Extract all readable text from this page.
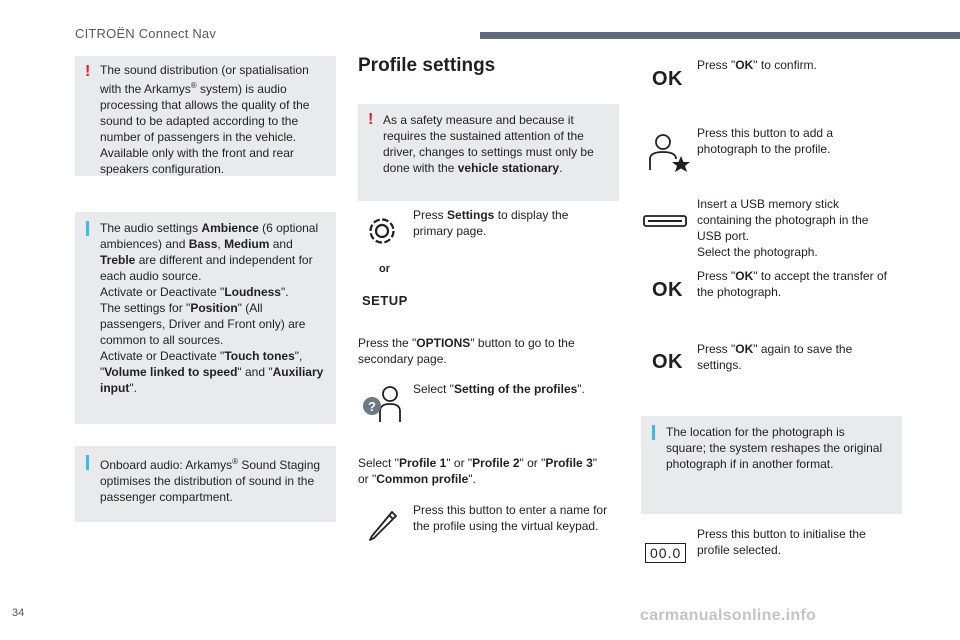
CITROËN Connect Nav
! The sound distribution (or spatialisation

with the Arkamys® system) is audio

processing that allows the quality of the

sound to be adapted according to the

number of passengers in the vehicle.

Available only with the front and rear

speakers configuration.

The audio settings Ambience (6 optional

ambiences) and Bass, Medium and

Treble are different and independent for

each audio source.

Activate or Deactivate "Loudness".

The settings for "Position" (All

passengers, Driver and Front only) are

common to all sources.

Activate or Deactivate "Touch tones",

"Volume linked to speed" and "Auxiliary

input".

Onboard audio: Arkamys® Sound Staging

optimises the distribution of sound in the

passenger compartment.

Profile settings
! As a safety measure and because it

requires the sustained attention of the

driver, changes to settings must only be

done with the vehicle stationary.

Press Settings to display the

primary page.

or
SETUP

Press the "OPTIONS" button to go to the

secondary page.

?

Select "Setting of the profiles".

Select "Profile 1" or "Profile 2" or "Profile 3"

or "Common profile".

Press this button to enter a name for

the profile using the virtual keypad.

OK

Press "OK" to confirm.

Press this button to add a

photograph to the profile.

Insert a USB memory stick

containing the photograph in the

USB port.

Select the photograph.

OK

Press "OK" to accept the transfer of

the photograph.

OK

Press "OK" again to save the

settings.

The location for the photograph is

square; the system reshapes the original

photograph if in another format.

00.0

Press this button to initialise the

profile selected.

34	carmanualsonline.info
